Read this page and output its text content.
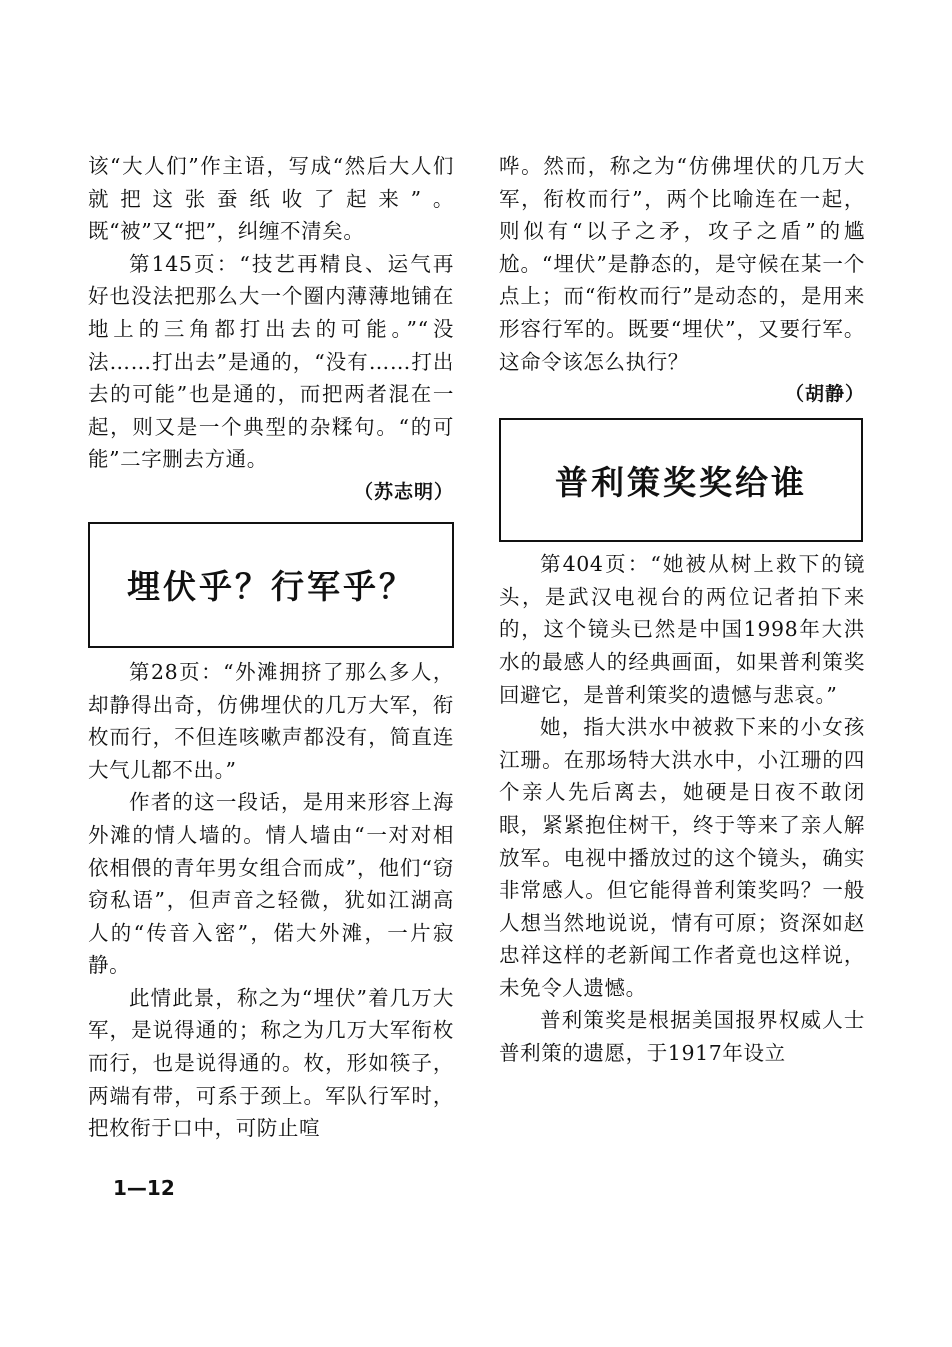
该“大人们”作主语，写成“然后大人们就把这张蚕纸收了起来”。既“被”又“把”，纠缠不清矣。

第145页：“技艺再精良、运气再好也没法把那么大一个圈内薄薄地铺在地上的三角都打出去的可能。”“没法……打出去”是通的，“没有……打出去的可能”也是通的，而把两者混在一起，则又是一个典型的杂糅句。“的可能”二字删去方通。

（苏志明）

埋伏乎？行军乎？

第28页：“外滩拥挤了那么多人，却静得出奇，仿佛埋伏的几万大军，衔枚而行，不但连咳嗽声都没有，简直连大气儿都不出。”

作者的这一段话，是用来形容上海外滩的情人墙的。情人墙由“一对对相依相偎的青年男女组合而成”，他们“窃窃私语”，但声音之轻微，犹如江湖高人的“传音入密”，偌大外滩，一片寂静。

此情此景，称之为“埋伏”着几万大军，是说得通的；称之为几万大军衔枚而行，也是说得通的。枚，形如筷子，两端有带，可系于颈上。军队行军时，把枚衔于口中，可防止喧

哗。然而，称之为“仿佛埋伏的几万大军，衔枚而行”，两个比喻连在一起，则似有“以子之矛，攻子之盾”的尴尬。“埋伏”是静态的，是守候在某一个点上；而“衔枚而行”是动态的，是用来形容行军的。既要“埋伏”，又要行军。这命令该怎么执行？

（胡静）

普利策奖奖给谁

第404页：“她被从树上救下的镜头，是武汉电视台的两位记者拍下来的，这个镜头已然是中国1998年大洪水的最感人的经典画面，如果普利策奖回避它，是普利策奖的遗憾与悲哀。”

她，指大洪水中被救下来的小女孩江珊。在那场特大洪水中，小江珊的四个亲人先后离去，她硬是日夜不敢闭眼，紧紧抱住树干，终于等来了亲人解放军。电视中播放过的这个镜头，确实非常感人。但它能得普利策奖吗？一般人想当然地说说，情有可原；资深如赵忠祥这样的老新闻工作者竟也这样说，未免令人遗憾。

普利策奖是根据美国报界权威人士普利策的遗愿，于1917年设立

1—12
